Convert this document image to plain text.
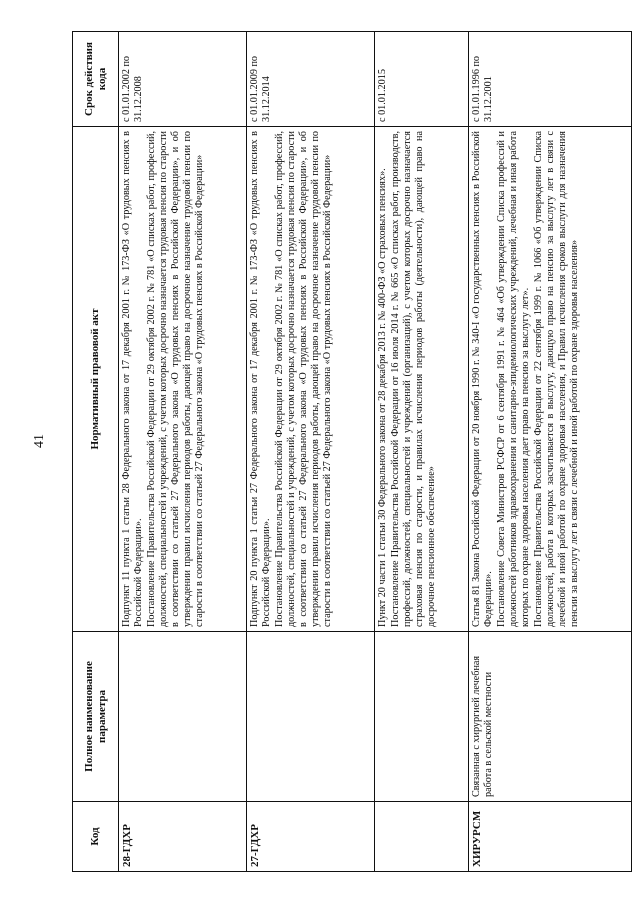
41
Код	Полное наименование параметра	Нормативный правовой акт	Срок действия кода
28-ГДХР		Подпункт 11 пункта 1 статьи 28 Федерального закона от 17 декабря 2001 г. № 173-ФЗ «О трудовых пенсиях в Российской Федерации». Постановление Правительства Российской Федерации от 29 октября 2002 г. № 781 «О списках работ, профессий, должностей, специальностей и учреждений, с учетом которых досрочно назначается трудовая пенсия по старости в соответствии со статьей 27 Федерального закона «О трудовых пенсиях в Российской Федерации», и об утверждении правил исчисления периодов работы, дающей право на досрочное назначение трудовой пенсии по старости в соответствии со статьей 27 Федерального закона «О трудовых пенсиях в Российской Федерации»	с 01.01.2002 по 31.12.2008
27-ГДХР		Подпункт 20 пункта 1 статьи 27 Федерального закона от 17 декабря 2001 г. № 173-ФЗ «О трудовых пенсиях в Российской Федерации». Постановление Правительства Российской Федерации от 29 октября 2002 г. № 781 «О списках работ, профессий, должностей, специальностей и учреждений, с учетом которых досрочно назначается трудовая пенсия по старости в соответствии со статьей 27 Федерального закона «О трудовых пенсиях в Российской Федерации», и об утверждении правил исчисления периодов работы, дающей право на досрочное назначение трудовой пенсии по старости в соответствии со статьей 27 Федерального закона «О трудовых пенсиях в Российской Федерации»	с 01.01.2009 по 31.12.2014

		Пункт 20 части 1 статьи 30 Федерального закона от 28 декабря 2013 г. № 400-ФЗ «О страховых пенсиях». Постановление Правительства Российской Федерации от 16 июля 2014 г. № 665 «О списках работ, производств, профессий, должностей, специальностей и учреждений (организаций), с учетом которых досрочно назначается страховая пенсия по старости, и правилах исчисления периодов работы (деятельности), дающей право на досрочное пенсионное обеспечение»	с 01.01.2015
ХИРУРСМ	Связанная с хирургией лечебная работа в сельской местности	Статья 81 Закона Российской Федерации от 20 ноября 1990 г. № 340-I «О государственных пенсиях в Российской Федерации». Постановление Совета Министров РСФСР от 6 сентября 1991 г. № 464 «Об утверждении Списка профессий и должностей работников здравоохранения и санитарно-эпидемиологических учреждений, лечебная и иная работа которых по охране здоровья населения дает право на пенсию за выслугу лет». Постановление Правительства Российской Федерации от 22 сентября 1999 г. № 1066 «Об утверждении Списка должностей, работа в которых засчитывается в выслугу, дающую право на пенсию за выслугу лет в связи с лечебной и иной работой по охране здоровья населения, и Правил исчисления сроков выслуги для назначения пенсии за выслугу лет в связи с лечебной и иной работой по охране здоровья населения»	с 01.01.1996 по 31.12.2001
